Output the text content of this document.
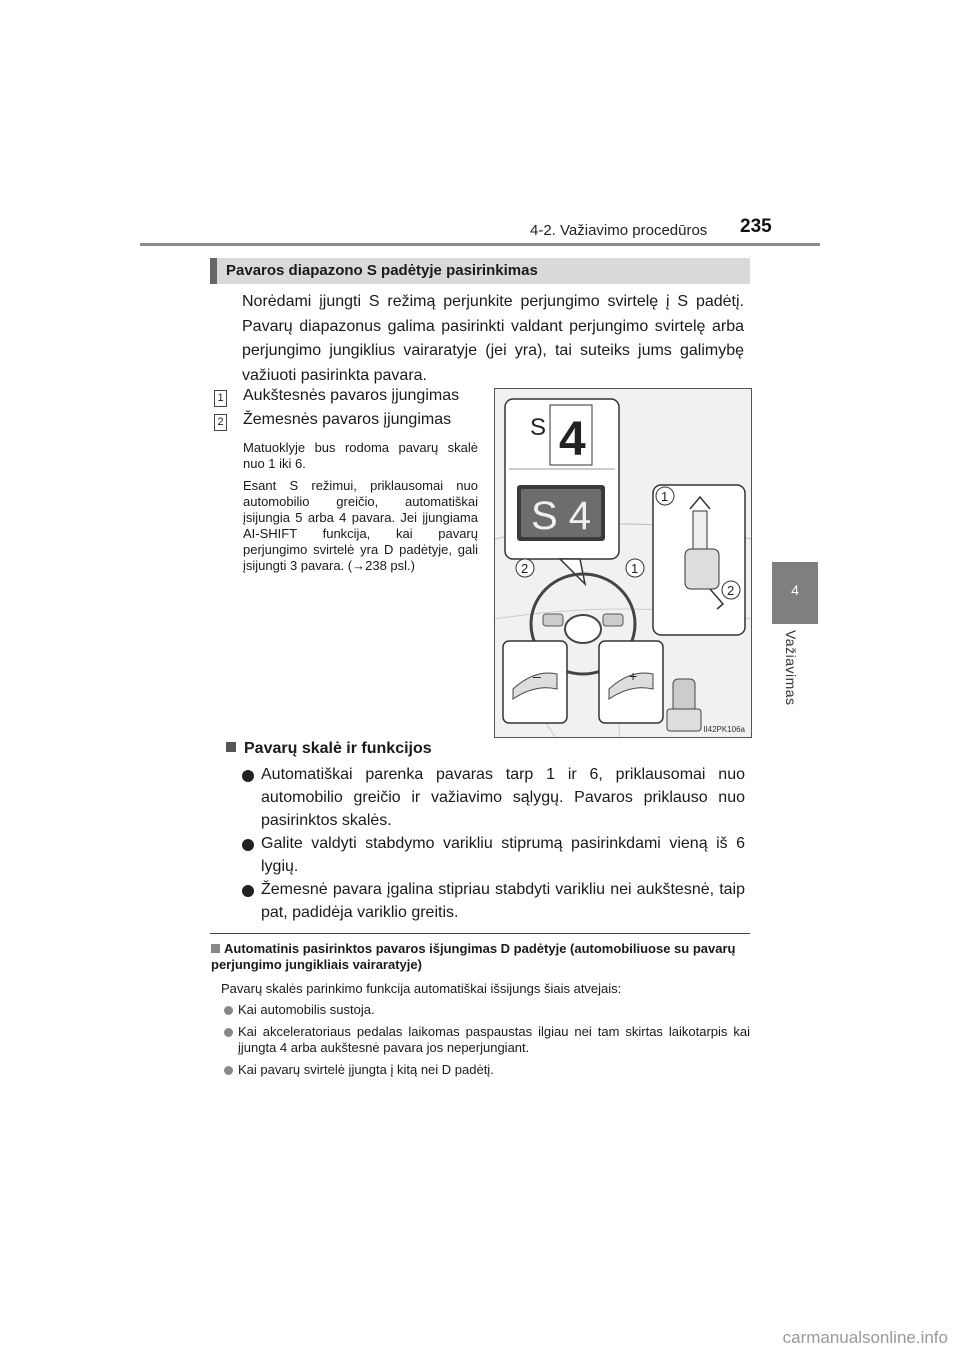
4-2. Važiavimo procedūros 235
4
Važiavimas
Pavaros diapazono S padėtyje pasirinkimas
Norėdami įjungti S režimą perjunkite perjungimo svirtelę į S padėtį. Pavarų diapazonus galima pasirinkti valdant perjungimo svirtelę arba perjungimo jungiklius vairaratyje (jei yra), tai suteiks jums galimybę važiuoti pasirinkta pavara.
1 Aukštesnės pavaros įjungimas
2 Žemesnės pavaros įjungimas
Matuoklyje bus rodoma pavarų skalė nuo 1 iki 6.
Esant S režimui, priklausomai nuo automobilio greičio, automatiškai įsijungia 5 arba 4 pavara. Jei įjungiama AI-SHIFT funkcija, kai pavarų perjungimo svirtelė yra D padėtyje, gali įsijungti 3 pavara. (→238 psl.)
S 4
S 4	1
2
2	1
–	+
II42PK106a
Pavarų skalė ir funkcijos
Automatiškai parenka pavaras tarp 1 ir 6, priklausomai nuo automobilio greičio ir važiavimo sąlygų. Pavaros priklauso nuo pasirinktos skalės.
Galite valdyti stabdymo varikliu stiprumą pasirinkdami vieną iš 6 lygių.
Žemesnė pavara įgalina stipriau stabdyti varikliu nei aukštesnė, taip pat, padidėja variklio greitis.
Automatinis pasirinktos pavaros išjungimas D padėtyje (automobiliuose su pavarų perjungimo jungikliais vairaratyje)
Pavarų skalės parinkimo funkcija automatiškai išsijungs šiais atvejais:
Kai automobilis sustoja.
Kai akceleratoriaus pedalas laikomas paspaustas ilgiau nei tam skirtas laikotarpis kai įjungta 4 arba aukštesnė pavara jos neperjungiant.
Kai pavarų svirtelė įjungta į kitą nei D padėtį.
carmanualsonline.info
